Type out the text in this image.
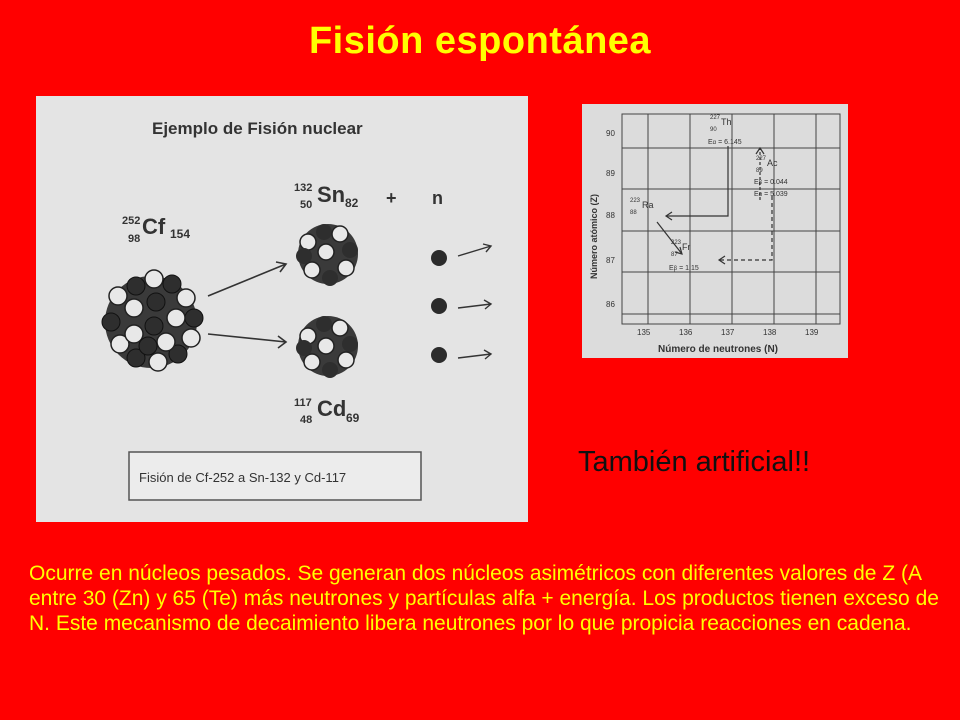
Fisión espontánea
Ejemplo de Fisión nuclear
252 Cf 154
98
132 Sn 82
50	+ n
117 Cd 69
48
Fisión de Cf-252 a Sn-132 y Cd-117
Número atómico (Z)
Número de neutrones (N)
90
89
88
87
86
135	136	137	138	139
227 Th
90
Eα = 6.145
227 Ac
89
Eβ = 0.044
Eα = 5.039
223 Ra
88
223 Fr
87
Eβ = 1.15
También artificial!!
Ocurre en núcleos pesados. Se generan dos núcleos asimétricos con diferentes valores de Z (A entre 30 (Zn) y 65 (Te) más neutrones y partículas alfa + energía. Los productos tienen exceso de N. Este mecanismo de decaimiento libera neutrones por lo que propicia reacciones en cadena.
